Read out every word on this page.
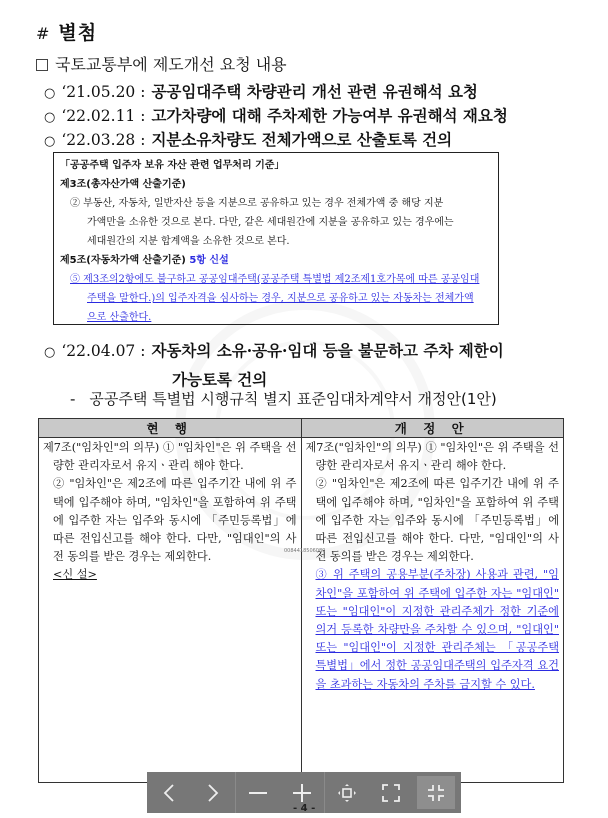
# 별첨
국토교통부에 제도개선 요청 내용
○ ‘21.05.20 : 공공임대주택 차량관리 개선 관련 유권해석 요청
○ ‘22.02.11 : 고가차량에 대해 주차제한 가능여부 유권해석 재요청
○ ‘22.03.28 : 지분소유차량도 전체가액으로 산출토록 건의
「공공주택 입주자 보유 자산 관련 업무처리 기준」
제3조(총자산가액 산출기준)
② 부동산, 자동차, 일반자산 등을 지분으로 공유하고 있는 경우 전체가액 중 해당 지분
가액만을 소유한 것으로 본다. 다만, 같은 세대원간에 지분을 공유하고 있는 경우에는
세대원간의 지분 합계액을 소유한 것으로 본다.
제5조(자동차가액 산출기준) 5항 신설
⑤ 제3조의2항에도 불구하고 공공임대주택(공공주택 특별법 제2조제1호가목에 따른 공공임대
주택을 말한다.)의 입주자격을 심사하는 경우, 지분으로 공유하고 있는 자동차는 전체가액
으로 산출한다.
○ ‘22.04.07 : 자동차의 소유·공유·임대 등을 불문하고 주차 제한이
가능토록 건의
- 공공주택 특별법 시행규칙 별지 표준임대차계약서 개정안(1안)
현 행	개 정 안

제7조("임차인"의 의무) ① "임차인"은 위 주택을 선량한 관리자로서 유지ㆍ관리 해야 한다.
② "임차인"은 제2조에 따른 입주기간 내에 위 주택에 입주해야 하며, "임차인"을 포함하여 위 주택에 입주한 자는 입주와 동시에 「주민등록법」에 따른 전입신고를 해야 한다. 다만, "임대인"의 사전 동의를 받은 경우는 제외한다.
<신 설>

제7조("임차인"의 의무) ① "임차인"은 위 주택을 선량한 관리자로서 유지ㆍ관리 해야 한다.
② "임차인"은 제2조에 따른 입주기간 내에 위 주택에 입주해야 하며, "임차인"을 포함하여 위 주택에 입주한 자는 입주와 동시에 「주민등록법」에 따른 전입신고를 해야 한다. 다만, "임대인"의 사전 동의를 받은 경우는 제외한다.
③ 위 주택의 공용부분(주차장) 사용과 관련, "임차인"을 포함하여 위 주택에 입주한 자는 "임대인" 또는 "임대인"이 지정한 관리주체가 정한 기준에 의거 등록한 차량만을 주차할 수 있으며, "임대인" 또는 "임대인"이 지정한 관리주체는 「공공주택 특별법」에서 정한 공공임대주택의 입주자격 요건을 초과하는 자동차의 주차를 금지할 수 있다.
0084418506080
- 4 -
